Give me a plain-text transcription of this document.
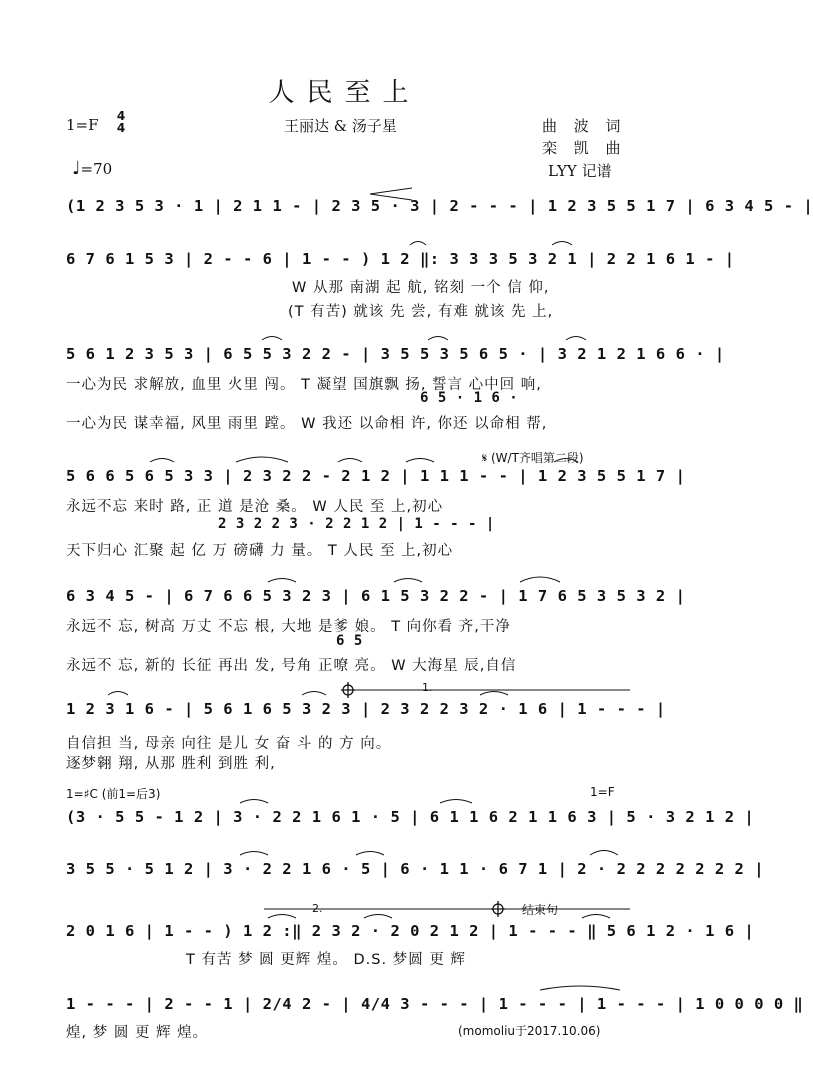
人民至上
1=F 4
4	王丽达 & 汤子星	曲 波 词
栾 凯 曲
LYY 记谱
♩=70
(1 2 3 5 3 · 1 | 2 1 1 - | 2 3 5 · 3 | 2 - - - | 1 2 3 5 5 1 7 | 6 3 4 5 - |
6 7 6 1 5 3 | 2 - - 6 | 1 - - ) 1 2 ‖: 3 3 3 5 3 2 1 | 2 2 1 6 1 - |
W 从那 南湖 起 航, 铭刻 一个 信 仰,
(T 有苦) 就该 先 尝, 有难 就该 先 上,
5 6 1 2 3 5 3 | 6 5 5 3 2 2 - | 3 5 5 3 5 6 5 · | 3 2 1 2 1 6 6 · |
一心为民 求解放, 血里 火里 闯。 T 凝望 国旗飘 扬, 誓言 心中回 响,
6 5 · 1 6 ·
一心为民 谋幸福, 风里 雨里 蹚。 W 我还 以命相 许, 你还 以命相 帮,
𝄋 (W/T齐唱第二段)
5 6 6 5 6 5 3 3 | 2 3 2 2 - 2 1 2 | 1 1 1 - - | 1 2 3 5 5 1 7 |
永远不忘 来时 路, 正 道 是沧 桑。 W 人民 至 上,初心
2 3 2 2 3 · 2 2 1 2 | 1 - - - |
天下归心 汇聚 起 亿 万 磅礴 力 量。 T 人民 至 上,初心
6 3 4 5 - | 6 7 6 6 5 3 2 3 | 6 1 5 3 2 2 - | 1 7 6 5 3 5 3 2 |
永远不 忘, 树高 万丈 不忘 根, 大地 是爹 娘。 T 向你看 齐,干净
6 5
永远不 忘, 新的 长征 再出 发, 号角 正嘹 亮。 W 大海星 辰,自信
1.
1 2 3 1 6 - | 5 6 1 6 5 3 2 3 | 2 3 2 2 3 2 · 1 6 | 1 - - - |
自信担 当, 母亲 向往 是儿 女 奋 斗 的 方 向。
逐梦翱 翔, 从那 胜利 到胜 利,
1=♯C (前1=后3)	1=F
(3 · 5 5 - 1 2 | 3 · 2 2 1 6 1 · 5 | 6 1 1 6 2 1 1 6 3 | 5 · 3 2 1 2 |
3 5 5 · 5 1 2 | 3 · 2 2 1 6 · 5 | 6 · 1 1 · 6 7 1 | 2 · 2 2 2 2 2 2 2 |
2.	结束句
2 0 1 6 | 1 - - ) 1 2 :‖ 2 3 2 · 2 0 2 1 2 | 1 - - - ‖ 5 6 1 2 · 1 6 |
T 有苦 梦 圆 更辉 煌。 D.S. 梦圆 更 辉
1 - - - | 2 - - 1 | 2/4 2 - | 4/4 3 - - - | 1 - - - | 1 - - - | 1 0 0 0 0 ‖
煌, 梦 圆 更 辉 煌。	(momoliu于2017.10.06)
